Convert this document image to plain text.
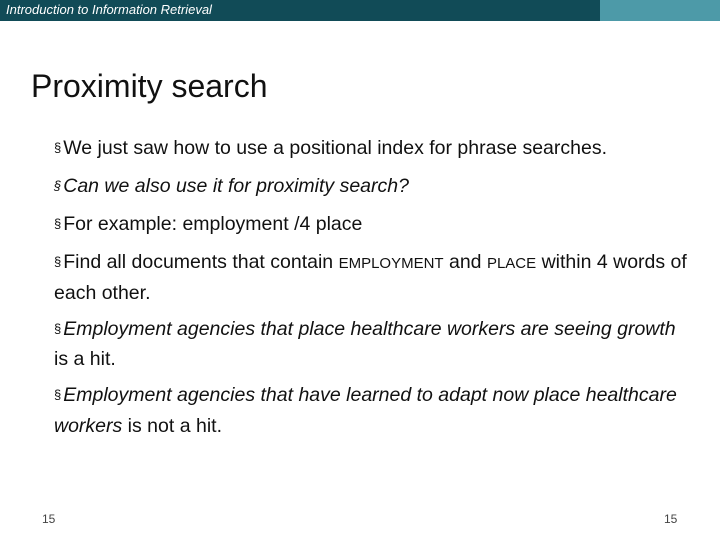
Introduction to Information Retrieval
Proximity search
§ We just saw how to use a positional index for phrase searches.
§ Can we also use it for proximity search?
§ For example: employment /4 place
§ Find all documents that contain EMPLOYMENT and PLACE within 4 words of each other.
§ Employment agencies that place healthcare workers are seeing growth is a hit.
§ Employment agencies that have learned to adapt now place healthcare workers is not a hit.
15	15
